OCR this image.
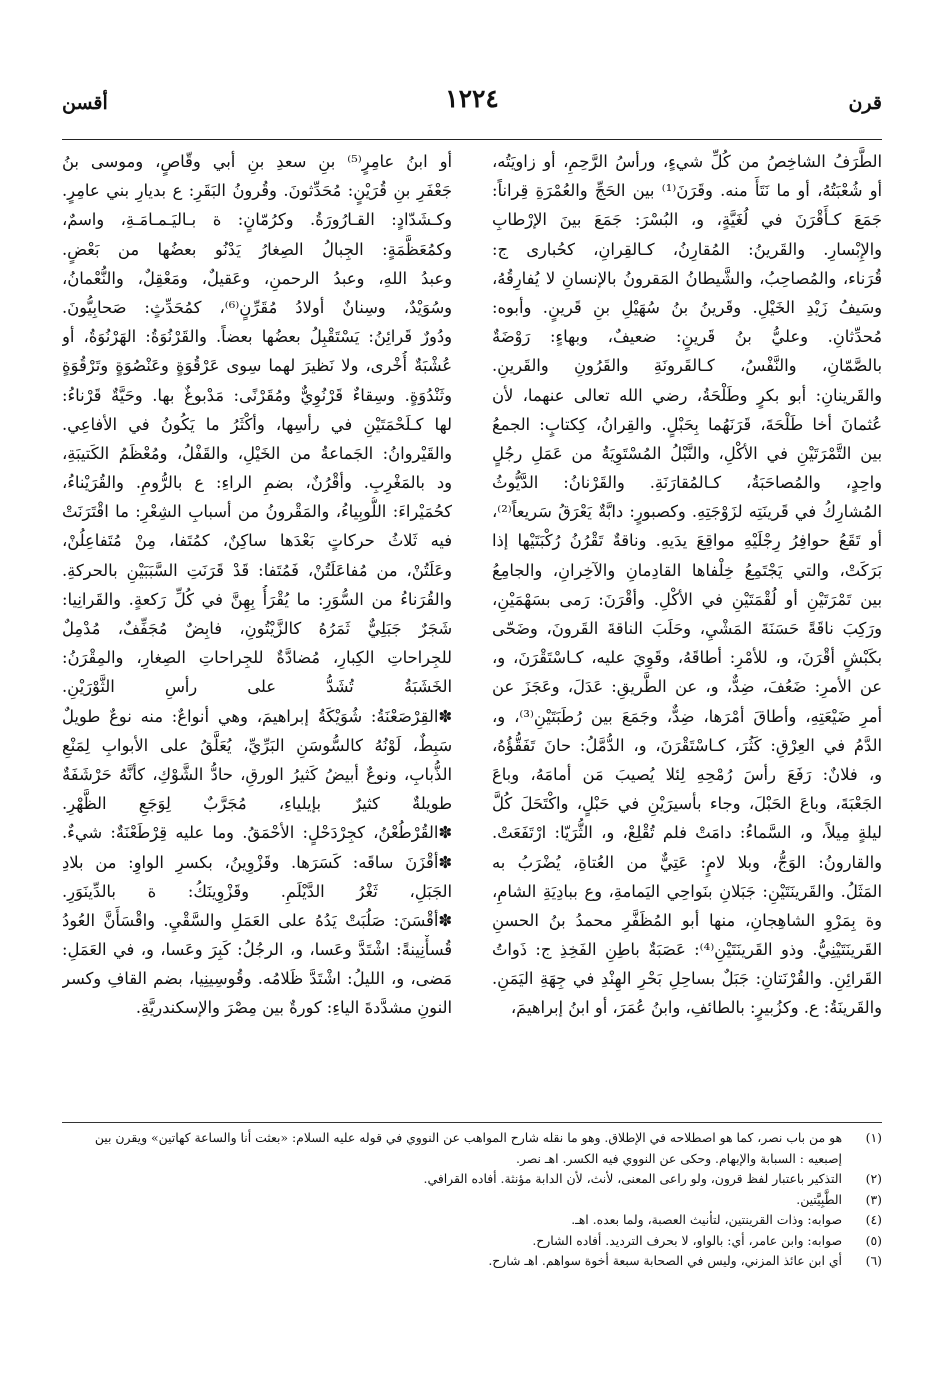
قرن
١٢٢٤
أقسن
الطَّرَفُ الشاخِصُ من كُلِّ شيءٍ، ورأسُ الرَّحِمِ، أو زاويَتُه،
أو شُعْبَتُهُ، أو ما نَتَأَ منه. وقَرَنَ⁽¹⁾ بين الحَجِّ والعُمْرَةِ قِراناً:
جَمَعَ كـأَقْرَنَ في لُغَيَّةٍ، و، البُسْرَ: جَمَعَ بينَ الإرْطابِ
والإِبْسارِ. والقَرينُ: المُقارِنُ، كـالقِرانِ، كحُبارى ج:
قُرَناء، والمُصاحِبُ، والشَّيطانُ المَقرونُ بالإنسانِ لا يُفارِقُهُ،
وسَيفُ زَيْدِ الخَيْلِ. وقَرينُ بنُ سُهَيْلِ بنِ قَرينٍ. وأبوه:
مُحدِّثانِ. وعليُّ بنُ قَرينٍ: ضعيفٌ، وبهاءٍ: رَوْضَةٌ
بالصَّمّانِ، والنَّفْسُ، كـالقَرونَةِ والقَرُونِ والقَرينِ.
والقَرينانِ: أبو بكرٍ وطَلْحَةُ، رضي الله تعالى عنهما، لأن
عُثمانَ أخا طَلْحَةَ، قَرَنَهُما بِحَبْلٍ. والقِرانُ، كِكتابٍ: الجمعُ
بين التَّمْرَتَيْنِ في الأكْلِ، والنَّبْلُ المُسْتَوِيَةُ من عَمَلِ رجُلٍ
واحِدٍ، والمُصاحَبَةُ، كـالمُقارَنَةِ. والقَرْنانُ: الدَّيُّوثُ
المُشارِكُ في قَرينَتِه لزَوْجَتِهِ. وكصبورٍ: دابَّةٌ يَعْرَقُ سَريعاً⁽²⁾،
أو تَقَعُ حوافِرُ رِجْلَيْهِ مواقِعَ يدَيهِ. وناقةٌ تَقْرُنُ رُكْبَتَيْها إذا
بَرَكَتْ، والتي يَجْتَمِعُ خِلْفاها القادِمانِ والآخِرانِ، والجامِعُ
بين تَمْرَتَيْنِ أو لُقْمَتَيْنِ في الأكْلِ. وأقْرَنَ: رَمى بسَهْمَيْنِ،
ورَكِبَ ناقَةً حَسَنَةَ المَشْيِ، وحَلَبَ الناقةَ القَرونَ، وضَحّى
بكَبْشٍ أقْرَنَ، و، للأمْرِ: أطاقَهُ، وقَوِيَ عليه، كـاسْتَقْرَنَ، و،
عن الأمرِ: ضَعُفَ، ضِدٌّ، و، عن الطَّريقِ: عَدَلَ، وعَجَزَ عن
أمرِ ضَيْعَتِهِ، وأطاقَ أمْرَها، ضِدٌّ، وجَمَعَ بين رُطَبَتَيْنِ⁽³⁾، و،
الدَّمُ في العِرْقِ: كَثُرَ، كـاسْتَقْرَنَ، و، الدُّمَّلُ: حانَ تَفَقُّؤُهُ،
و، فلانٌ: رَفَعَ رأسَ رُمْحِهِ لِئلا يُصيبَ مَن أمامَهُ، وباعَ
الجَعْبَةَ، وباعَ الحَبْلَ، وجاء بأسيرَيْنِ في حَبْلٍ، واكْتَحَلَ كُلَّ
ليلةٍ مِيلاً، و، السَّماءُ: دامَتْ فلم تُقْلِعْ، و، الثُّرَيّا: ارْتَفَعَتْ.
والقارونُ: الوَجُّ، وبلا لامٍ: عَتِيٌّ من العُتاةِ، يُضْرَبُ به
المَثَلُ. والقَرينَتَيْنِ: جَبَلانِ بنَواحِي اليَمامةِ، وع ببادِيَةِ الشامِ،
وة بِمَرْوِ الشاهِجانِ، منها أبو المُظَفَّرِ محمدُ بنُ الحسنِ
القَرينَتَيْنِيُّ. وذو القَرينَتَيْنِ⁽⁴⁾: عَصَبَةٌ باطِنِ الفَخِذِ ج: ذَواتُ
القَرائِنِ. والقُرْنَتانِ: جَبَلٌ بساحِلِ بَحْرِ الهِنْدِ في جِهَةِ اليَمَنِ.
والقَرينَةُ: ع. وكزُبيرٍ: بالطائفِ، وابنُ عُمَرَ، أو ابنُ إبراهيمَ،
أو ابنُ عامِرٍ⁽⁵⁾ بنِ سعدِ بنِ أبي وقّاصٍ، وموسى بنُ
جَعْفَرِ بنِ قُرَيْنٍ: مُحَدِّثونَ. وقُرونُ البَقَرِ: ع بديارِ بني عامِرٍ.
وكـشَدّادٍ: القـارُورَةُ. وكرُمّانٍ: ة بـاليَـمـامَـةِ، واسمٌ،
وكمُعَظَّمَةٍ: الجِبالُ الصِغارُ يَدْنُو بعضُها من بَعْضٍ.
وعبدُ اللهِ، وعبدُ الرحمنِ، وعَقيلٌ، ومَعْقِلٌ، والنُّعْمانُ،
وسُوَيْدٌ، وسِنانٌ أولادُ مُقَرِّنٍ⁽⁶⁾، كمُحَدِّثٍ: صَحابِيُّونَ.
ودُورٌ قَرائِنُ: يَسْتَقْبِلُ بعضُها بعضاً. والقَرْنُوَةُ: الهَرْنُوَةُ، أو
عُشْبَةٌ أُخْرى، ولا نَظيرَ لهما سِوى عَرْقُوَةٍ وعَنْصُوَةٍ وتَرْقُوَةٍ
وثَنْدُوَةٍ. وسِقاءٌ قَرْنُوِيٌّ ومُقَرْنًى: مَدْبوغٌ بها. وحَيَّةٌ قَرْناءُ:
لها كـلَحْمَتَيْنِ في رأسِها، وأكْثَرُ ما يَكُونُ في الأفاعِي.
والقَيْروانُ: الجَماعةُ من الخَيْلِ، والقَفْلُ، ومُعْظَمُ الكَتيبَةِ،
ود بالمَغْرِبِ. وأقْرُنٌ، بضمِ الراءِ: ع بالرُّومِ. والقُرَيْناءُ،
كحُمَيْراءَ: اللُّوبِياءُ، والمَقْرونُ من أسبابِ الشِعْرِ: ما اقْتَرَنَتْ
فيه ثَلاثُ حركاتٍ بَعْدَها ساكِنٌ، كمُتَفا، مِنْ مُتَفاعِلُنْ،
وعَلَتُنْ، من مُفاعَلَتُنْ، فَمُتَفا: قَدْ قَرَنَتِ السَّبَبَيْنِ بالحركةِ.
والقُرَناءُ من السُّوَرِ: ما يُقْرَأُ بِهِنَّ في كُلِّ رَكعةٍ. والقَرانِيا:
شَجَرٌ جَبَلِيٌّ ثَمَرُهُ كالزَّيْتُونِ، فابِضٌ مُجَفِّفٌ، مُدْمِلٌ
للجِراحاتِ الكِبارِ، مُضادَّةٌ للجِراحاتِ الصِغارِ، والمِقْرَنُ:
الخَشَبَةُ تُشَدُّ على رأسِ الثَّوْرَيْنِ.
✽القِرْصَعْنَةُ: شُوَيْكَةُ إبراهيمَ، وهي أنواعٌ: منه نوعٌ طويلٌ
سَبِطٌ، لَوْنُهُ كالسُّوسَنِ البَرِّيِّ، يُعَلَّقُ على الأبوابِ لِمَنْعِ
الذُّبابِ، ونوعٌ أبيضُ كَثيرُ الورقِ، حادُّ الشَّوْكِ، كأنَّهُ حَرْشَفَةٌ
طويلةٌ كثيرٌ بإيلياءِ، مُجَرَّبٌ لِوَجَعِ الظَّهْرِ.
✽القُرْطُعْنُ، كجِرْدَحْلٍ: الأحْمَقُ. وما عليه قِرْطَعْنَةٌ: شيءٌ.
✽أقْزَنَ ساقَه: كَسَرَها. وقَزْوِينُ، بكسرِ الواوِ: من بلادِ
الجَبَلِ، ثَغْرُ الدَّيْلَمِ. وقَزْوِينَكُ: ة بالدِّينَوَرِ.
✽أقْسَنَ: صَلُبَتْ يَدُهُ على العَمَلِ والسَّقْيِ. واقْسَأَنَّ العُودُ
قُسأْنِينةً: اشْتَدَّ وعَسا، و، الرجُلُ: كَبِرَ وعَسا، و، في العَمَلِ:
مَضى، و، الليلُ: اشْتَدَّ ظَلامُه. وقُوسِينِيا، بضم القافِ وكسر
النونِ مشدَّدةَ الياءِ: كورةٌ بين مِصْرَ والإسكندريَّةِ.
(١)
هو من باب نصر، كما هو اصطلاحه في الإطلاق. وهو ما نقله شارح المواهب عن النووي في قوله عليه السلام: «بعثت أنا والساعة كهاتين» ويقرن بين
إصبعيه : السبابة والإبهام. وحكى عن النووي فيه الكسر. اهـ نصر.
(٢)
التذكير باعتبار لفظ قرون، ولو راعى المعنى، لأنث، لأن الدابة مؤنثة. أفاده القرافي.
(٣)
الطَّبِيَّتين.
(٤)
صوابه: وذات القرينتين، لتأنيث العصبة، ولما بعده. اهـ.
(٥)
صوابه: وابن عامر، أي: بالواو، لا بحرف الترديد. أفاده الشارح.
(٦)
أي ابن عائذ المزني، وليس في الصحابة سبعة أخوة سواهم. اهـ شارح.
